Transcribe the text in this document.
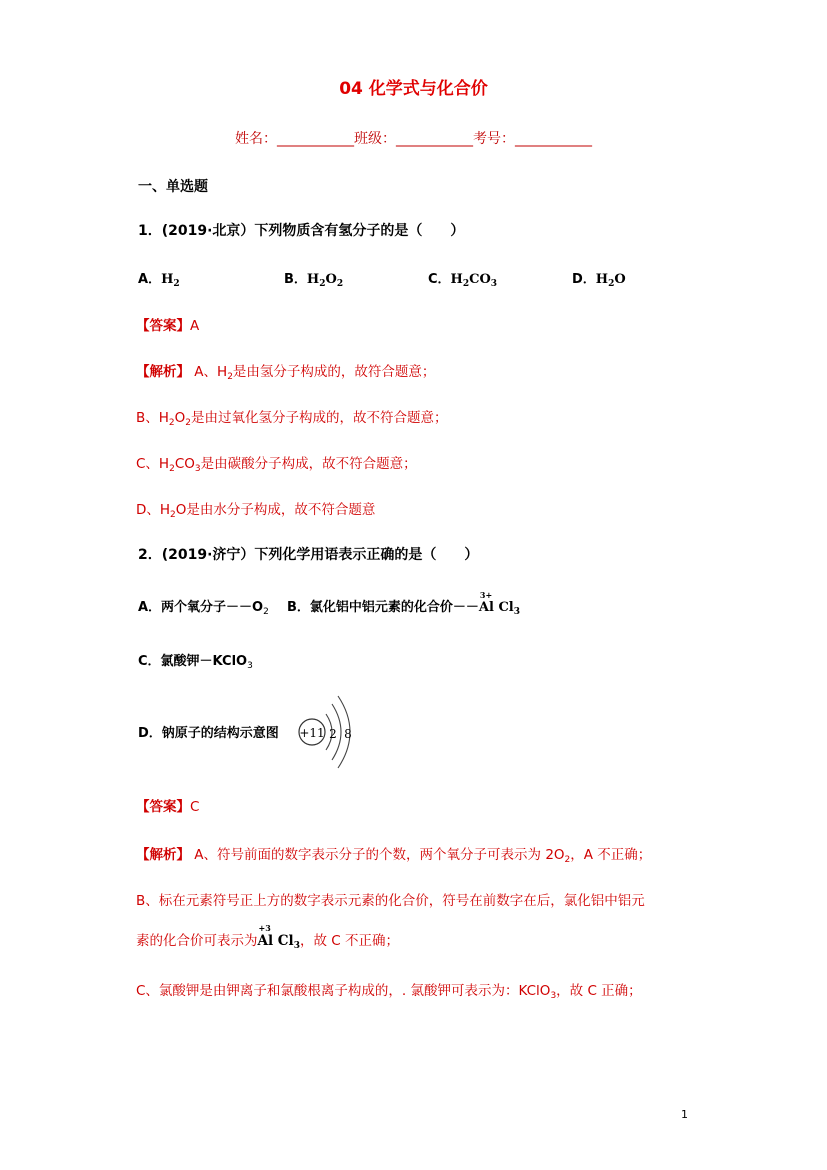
04 化学式与化合价
姓名：___________班级：___________考号：___________
一、单选题
1．(2019·北京）下列物质含有氢分子的是（　　）
A．$H_2$	B．$H_2O_2$	C．$H_2CO_3$	D．$H_2O$
【答案】A
【解析】 A、$H_2$是由氢分子构成的，故符合题意；
B、$H_2O_2$是由过氧化氢分子构成的，故不符合题意；
C、$H_2CO_3$是由碳酸分子构成，故不符合题意；
D、$H_2O$是由水分子构成，故不符合题意
2．(2019·济宁）下列化学用语表示正确的是（　　）
A．两个氧分子$--O_2$ B．氯化铝中铝元素的化合价－－
3+
Al $Cl_3$
C．氯酸钾－KClO$_3$
D．钠原子的结构示意图 +11 2 8
【答案】C
【解析】 A、符号前面的数字表示分子的个数，两个氧分子可表示为 $2O_2$，A 不正确；
B、标在元素符号正上方的数字表示元素的化合价，符号在前数字在后，氯化铝中铝元
素的化合价可表示为
+3
Al $Cl_3$，故 C 不正确；
C、氯酸钾是由钾离子和氯酸根离子构成的，. 氯酸钾可表示为：KClO$_3$，故 C 正确；
1
